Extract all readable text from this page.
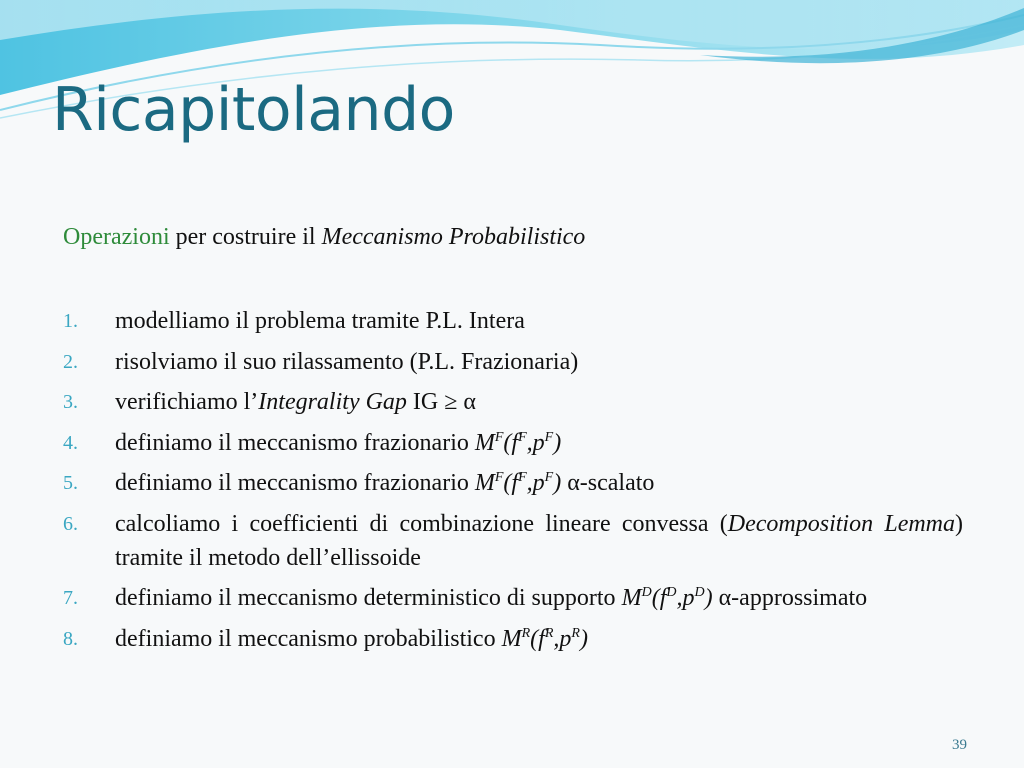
Ricapitolando
Operazioni per costruire il Meccanismo Probabilistico
1.	modelliamo il problema tramite P.L. Intera
2.	risolviamo il suo rilassamento (P.L. Frazionaria)
3.	verifichiamo l’Integrality Gap IG ≥ α
4.	definiamo il meccanismo frazionario $M^F(f^F,p^F)$
5.	definiamo il meccanismo frazionario $M^F(f^F,p^F)$ α-scalato
6.	calcoliamo i coefficienti di combinazione lineare convessa (Decomposition Lemma) tramite il metodo dell’ellissoide
7.	definiamo il meccanismo deterministico di supporto $M^D(f^D,p^D)$ α-approssimato
8.	definiamo il meccanismo probabilistico $M^R(f^R,p^R)$
39
